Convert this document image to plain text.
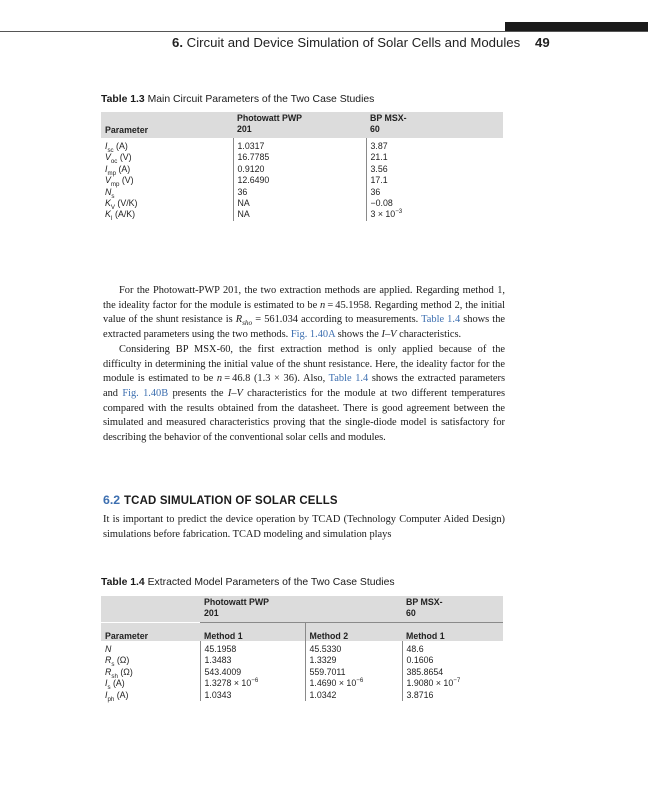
6. Circuit and Device Simulation of Solar Cells and Modules 49
Table 1.3 Main Circuit Parameters of the Two Case Studies
Parameter	Photowatt PWP 201	BP MSX-60
$I_{sc}$ (A)	1.0317	3.87
$V_{oc}$ (V)	16.7785	21.1
$I_{mp}$ (A)	0.9120	3.56
$V_{mp}$ (V)	12.6490	17.1
$N_s$	36	36
$K_V$ (V/K)	NA	−0.08
$K_I$ (A/K)	NA	$3 \times 10^{-3}$

For the Photowatt-PWP 201, the two extraction methods are applied. Regarding method 1, the ideality factor for the module is estimated to be n = 45.1958. Regarding method 2, the initial value of the shunt resistance is $R_{sho} = 561.034$ according to measurements. Table 1.4 shows the extracted parameters using the two methods. Fig. 1.40A shows the I–V characteristics.

Considering BP MSX-60, the first extraction method is only applied because of the difficulty in determining the initial value of the shunt resistance. Here, the ideality factor for the module is estimated to be n = 46.8 (1.3 × 36). Also, Table 1.4 shows the extracted parameters and Fig. 1.40B presents the I–V characteristics for the module at two different temperatures compared with the results obtained from the datasheet. There is good agreement between the simulated and measured characteristics proving that the single-diode model is satisfactory for describing the behavior of the conventional solar cells and modules.

6.2 TCAD SIMULATION OF SOLAR CELLS

It is important to predict the device operation by TCAD (Technology Computer Aided Design) simulations before fabrication. TCAD modeling and simulation plays

Table 1.4 Extracted Model Parameters of the Two Case Studies
	Photowatt PWP 201		BP MSX-60
Parameter	Method 1	Method 2	Method 1
N	45.1958	45.5330	48.6
$R_s$ (Ω)	1.3483	1.3329	0.1606
$R_{sh}$ (Ω)	543.4009	559.7011	385.8654
$I_s$ (A)	$1.3278 \times 10^{-6}$	$1.4690 \times 10^{-6}$	$1.9080 \times 10^{-7}$
$I_{ph}$ (A)	1.0343	1.0342	3.8716
